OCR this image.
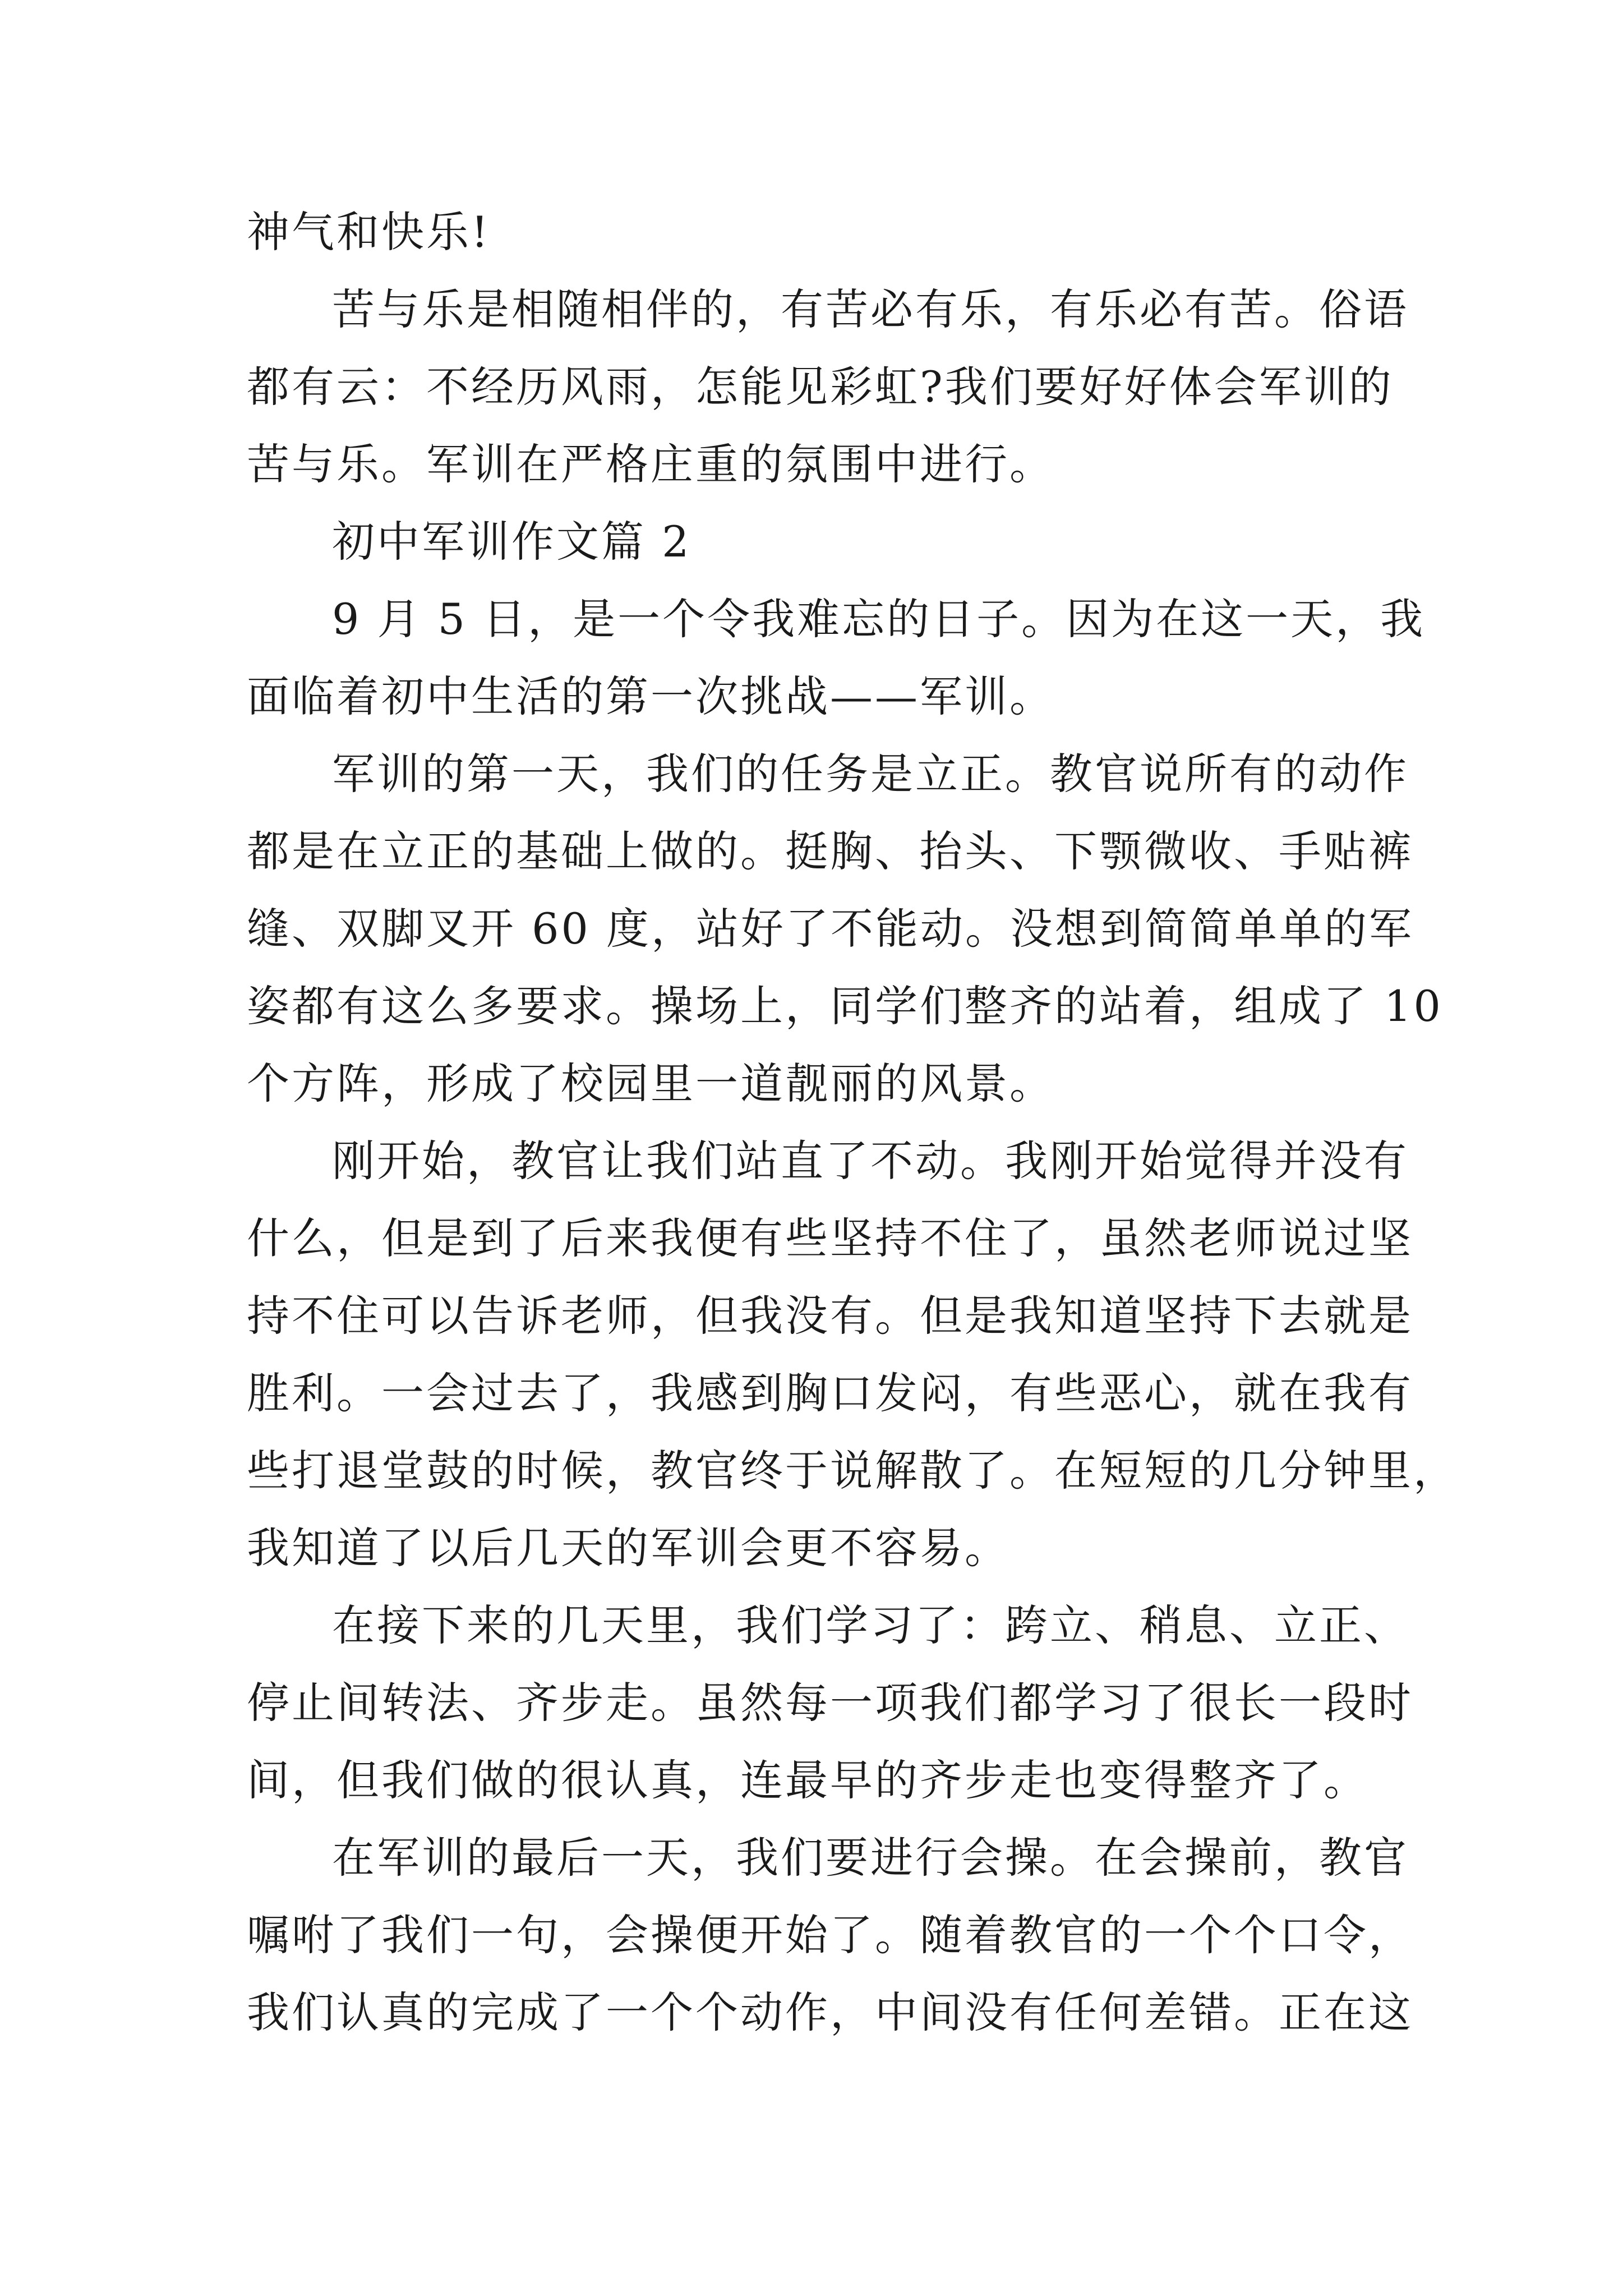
神气和快乐!
苦与乐是相随相伴的，有苦必有乐，有乐必有苦。俗语
都有云：不经历风雨，怎能见彩虹?我们要好好体会军训的
苦与乐。军训在严格庄重的氛围中进行。
初中军训作文篇 2
9 月 5 日，是一个令我难忘的日子。因为在这一天，我
面临着初中生活的第一次挑战——军训。
军训的第一天，我们的任务是立正。教官说所有的动作
都是在立正的基础上做的。挺胸、抬头、下颚微收、手贴裤
缝、双脚叉开 60 度，站好了不能动。没想到简简单单的军
姿都有这么多要求。操场上，同学们整齐的站着，组成了 10
个方阵，形成了校园里一道靓丽的风景。
刚开始，教官让我们站直了不动。我刚开始觉得并没有
什么，但是到了后来我便有些坚持不住了，虽然老师说过坚
持不住可以告诉老师，但我没有。但是我知道坚持下去就是
胜利。一会过去了，我感到胸口发闷，有些恶心，就在我有
些打退堂鼓的时候，教官终于说解散了。在短短的几分钟里，
我知道了以后几天的军训会更不容易。
在接下来的几天里，我们学习了：跨立、稍息、立正、
停止间转法、齐步走。虽然每一项我们都学习了很长一段时
间，但我们做的很认真，连最早的齐步走也变得整齐了。
在军训的最后一天，我们要进行会操。在会操前，教官
嘱咐了我们一句，会操便开始了。随着教官的一个个口令，
我们认真的完成了一个个动作，中间没有任何差错。正在这
